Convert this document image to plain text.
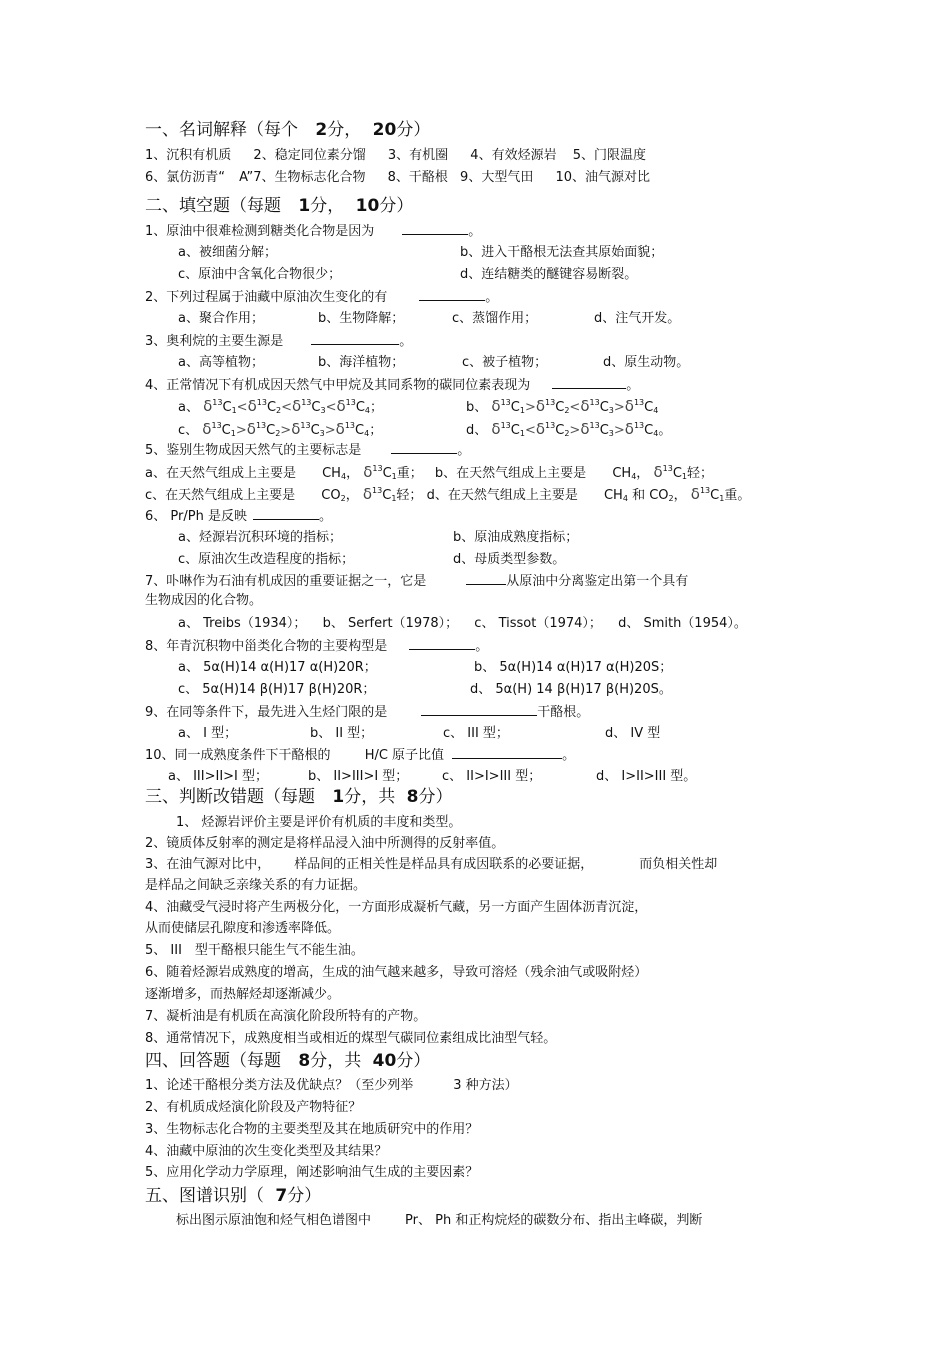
一、名词解释（每个 2分， 20分）
1、沉积有机质 2、稳定同位素分馏 3、有机圈 4、有效烃源岩 5、门限温度
6、氯仿沥青“ A”7、生物标志化合物 8、干酪根 9、大型气田 10、油气源对比
二、填空题（每题 1分， 10分）
1、原油中很难检测到糖类化合物是因为	。
a、被细菌分解；	b、进入干酪根无法查其原始面貌；
c、原油中含氧化合物很少；	d、连结糖类的醚键容易断裂。
2、下列过程属于油藏中原油次生变化的有	。
a、聚合作用；	b、生物降解；	c、蒸馏作用；	d、注气开发。
3、奥利烷的主要生源是	。
a、高等植物；	b、海洋植物；	c、被子植物；	d、原生动物。
4、正常情况下有机成因天然气中甲烷及其同系物的碳同位素表现为	。
a、 $\delta^{13}C_1<\delta^{13}C_2<\delta^{13}C_3<\delta^{13}C_4$；	b、 $\delta^{13}C_1>\delta^{13}C_2<\delta^{13}C_3>\delta^{13}C_4$
c、 $\delta^{13}C_1>\delta^{13}C_2>\delta^{13}C_3>\delta^{13}C_4$；	d、 $\delta^{13}C_1<\delta^{13}C_2>\delta^{13}C_3>\delta^{13}C_4$。
5、鉴别生物成因天然气的主要标志是	。
a、在天然气组成上主要是 $CH_4$， $\delta^{13}C_1$重； b、在天然气组成上主要是 $CH_4$， $\delta^{13}C_1$轻；
c、在天然气组成上主要是 $CO_2$， $\delta^{13}C_1$轻； d、在天然气组成上主要是 $CH_4$ 和 $CO_2$， $\delta^{13}C_1$重。
6、 Pr/Ph 是反映	。
a、烃源岩沉积环境的指标；	b、原油成熟度指标；
c、原油次生改造程度的指标；	d、母质类型参数。
7、卟啉作为石油有机成因的重要证据之一，它是	从原油中分离鉴定出第一个具有
生物成因的化合物。
a、 Treibs（1934）； b、 Serfert（1978）； c、 Tissot（1974）； d、 Smith（1954）。
8、年青沉积物中甾类化合物的主要构型是	。
a、 5α(H)14 α(H)17 α(H)20R；	b、 5α(H)14 α(H)17 α(H)20S；
c、 5α(H)14 β(H)17 β(H)20R；	d、 5α(H) 14 β(H)17 β(H)20S。
9、在同等条件下，最先进入生烃门限的是	干酪根。
a、 I 型；	b、 II 型；	c、 III 型；	d、 IV 型
10、同一成熟度条件下干酪根的	H/C 原子比值	。
a、 III>II>I 型；	b、 II>III>I 型；	c、 II>I>III 型；	d、 I>II>III 型。
三、判断改错题（每题 1分，共 8分）
1、 烃源岩评价主要是评价有机质的丰度和类型。
2、镜质体反射率的测定是将样品浸入油中所测得的反射率值。
3、在油气源对比中， 样品间的正相关性是样品具有成因联系的必要证据，	而负相关性却
是样品之间缺乏亲缘关系的有力证据。
4、油藏受气浸时将产生两极分化，一方面形成凝析气藏，另一方面产生固体沥青沉淀，
从而使储层孔隙度和渗透率降低。
5、 III　型干酪根只能生气不能生油。
6、随着烃源岩成熟度的增高，生成的油气越来越多，导致可溶烃（残余油气或吸附烃）
逐渐增多，而热解烃却逐渐减少。
7、凝析油是有机质在高演化阶段所特有的产物。
8、通常情况下，成熟度相当或相近的煤型气碳同位素组成比油型气轻。
四、回答题（每题 8分，共 40分）
1、论述干酪根分类方法及优缺点？（至少列举	3 种方法）
2、有机质成烃演化阶段及产物特征？
3、生物标志化合物的主要类型及其在地质研究中的作用？
4、油藏中原油的次生变化类型及其结果？
5、应用化学动力学原理，阐述影响油气生成的主要因素？
五、图谱识别（ 7分）
标出图示原油饱和烃气相色谱图中	Pr、 Ph 和正构烷烃的碳数分布、指出主峰碳，判断
